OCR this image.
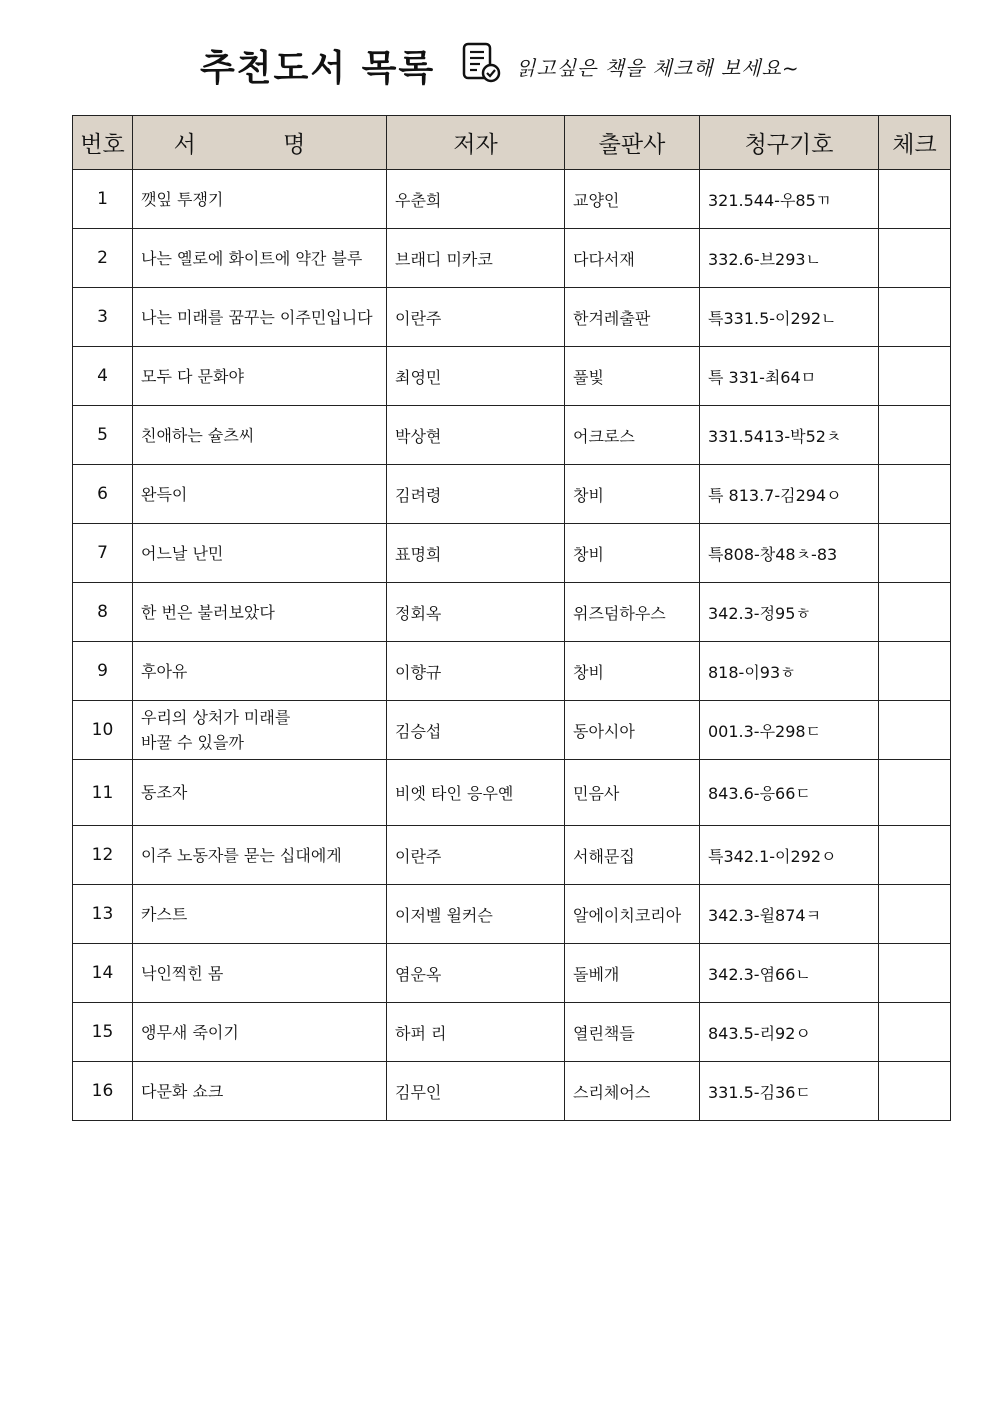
추천도서 목록	읽고싶은 책을 체크해 보세요~
번호	서 명	저자	출판사	청구기호	체크
1	깻잎 투쟁기	우춘희	교양인	321.544-우85ㄲ	
2	나는 옐로에 화이트에 약간 블루	브래디 미카코	다다서재	332.6-브293ㄴ	
3	나는 미래를 꿈꾸는 이주민입니다	이란주	한겨레출판	특331.5-이292ㄴ	
4	모두 다 문화야	최영민	풀빛	특 331-최64ㅁ	
5	친애하는 슐츠씨	박상현	어크로스	331.5413-박52ㅊ	
6	완득이	김려령	창비	특 813.7-김294ㅇ	
7	어느날 난민	표명희	창비	특808-창48ㅊ-83	
8	한 번은 불러보았다	정회옥	위즈덤하우스	342.3-정95ㅎ	
9	후아유	이향규	창비	818-이93ㅎ	
10	우리의 상처가 미래를
바꿀 수 있을까	김승섭	동아시아	001.3-우298ㄷ	
11	동조자	비엣 타인 응우옌	민음사	843.6-응66ㄷ	
12	이주 노동자를 묻는 십대에게	이란주	서해문집	특342.1-이292ㅇ	
13	카스트	이저벨 윌커슨	알에이치코리아	342.3-윌874ㅋ	
14	낙인찍힌 몸	염운옥	돌베개	342.3-염66ㄴ	
15	앵무새 죽이기	하퍼 리	열린책들	843.5-리92ㅇ	
16	다문화 쇼크	김무인	스리체어스	331.5-김36ㄷ	
